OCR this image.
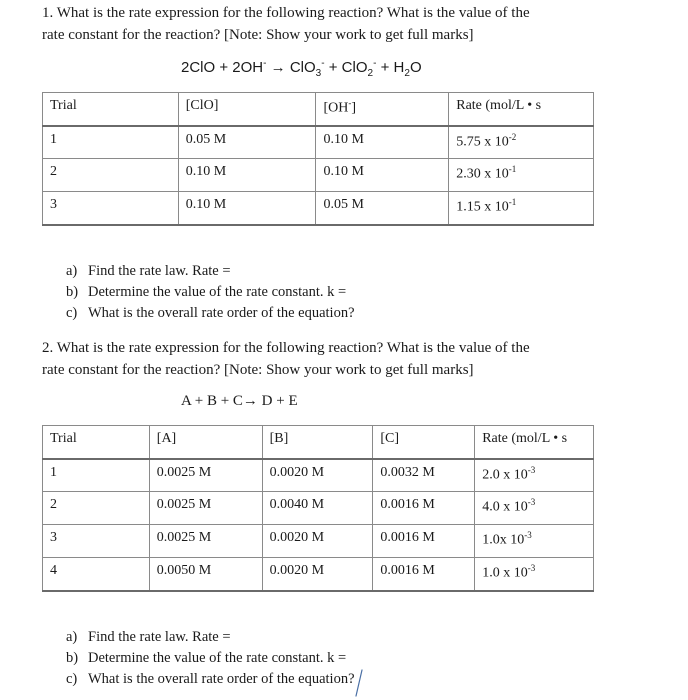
1. What is the rate expression for the following reaction? What is the value of the
rate constant for the reaction? [Note: Show your work to get full marks]
$2ClO + 2OH^- \to ClO_3^- + ClO_2^- + H_2O$
Trial	[ClO]	[OH-]	Rate (mol/L • s
1	0.05 M	0.10 M	5.75 x $10^{-2}$
2	0.10 M	0.10 M	2.30 x $10^{-1}$
3	0.10 M	0.05 M	1.15 x $10^{-1}$
a) Find the rate law. Rate =
b) Determine the value of the rate constant. k =
c) What is the overall rate order of the equation?
2. What is the rate expression for the following reaction? What is the value of the
rate constant for the reaction? [Note: Show your work to get full marks]
A + B + C→ D + E
Trial	[A]	[B]	[C]	Rate (mol/L • s
1	0.0025 M	0.0020 M	0.0032 M	2.0 x $10^{-3}$
2	0.0025 M	0.0040 M	0.0016 M	4.0 x $10^{-3}$
3	0.0025 M	0.0020 M	0.0016 M	1.0x $10^{-3}$
4	0.0050 M	0.0020 M	0.0016 M	1.0 x $10^{-3}$
a) Find the rate law. Rate =
b) Determine the value of the rate constant. k =
c) What is the overall rate order of the equation?
